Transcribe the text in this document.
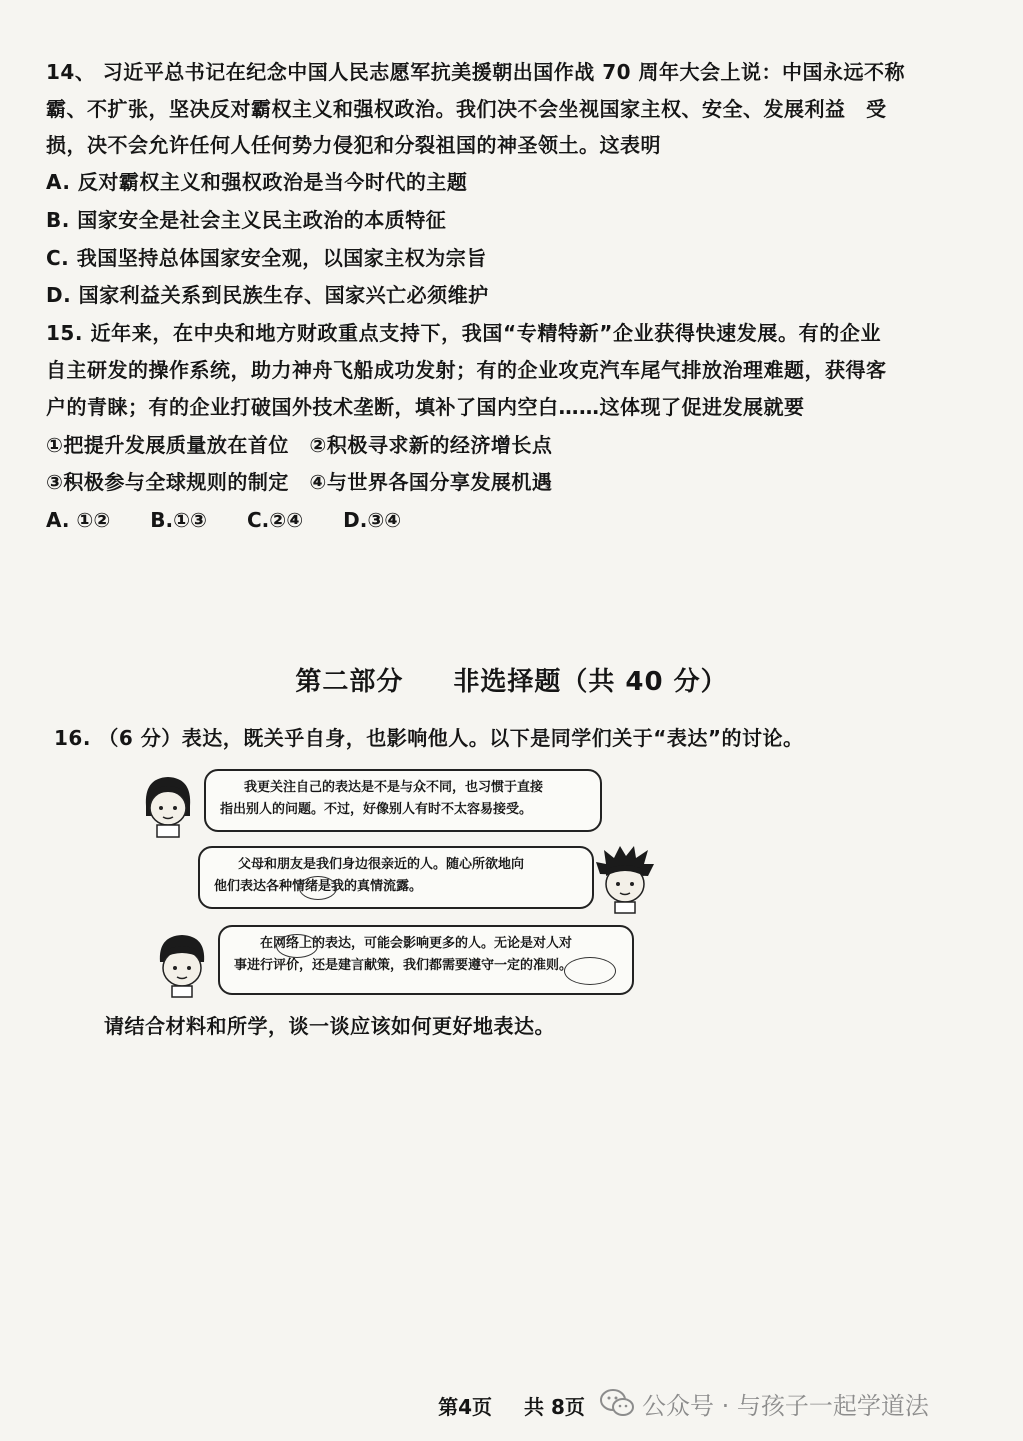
14、 习近平总书记在纪念中国人民志愿军抗美援朝出国作战 70 周年大会上说：中国永远不称
霸、不扩张，坚决反对霸权主义和强权政治。我们决不会坐视国家主权、安全、发展利益　受
损，决不会允许任何人任何势力侵犯和分裂祖国的神圣领土。这表明
A. 反对霸权主义和强权政治是当今时代的主题
B. 国家安全是社会主义民主政治的本质特征
C. 我国坚持总体国家安全观，以国家主权为宗旨
D. 国家利益关系到民族生存、国家兴亡必须维护
15. 近年来，在中央和地方财政重点支持下，我国“专精特新”企业获得快速发展。有的企业
自主研发的操作系统，助力神舟飞船成功发射；有的企业攻克汽车尾气排放治理难题，获得客
户的青睐；有的企业打破国外技术垄断，填补了国内空白……这体现了促进发展就要
①把提升发展质量放在首位　②积极寻求新的经济增长点
③积极参与全球规则的制定　④与世界各国分享发展机遇
A. ①② B.①③ C.②④ D.③④
第二部分 非选择题（共 40 分）
16. （6 分）表达，既关乎自身，也影响他人。以下是同学们关于“表达”的讨论。
我更关注自己的表达是不是与众不同，也习惯于直接
指出别人的问题。不过，好像别人有时不太容易接受。
父母和朋友是我们身边很亲近的人。随心所欲地向
他们表达各种情绪是我的真情流露。
在网络上的表达，可能会影响更多的人。无论是对人对
事进行评价，还是建言献策，我们都需要遵守一定的准则。
请结合材料和所学，谈一谈应该如何更好地表达。
第4页 共 8页	公众号 · 与孩子一起学道法
